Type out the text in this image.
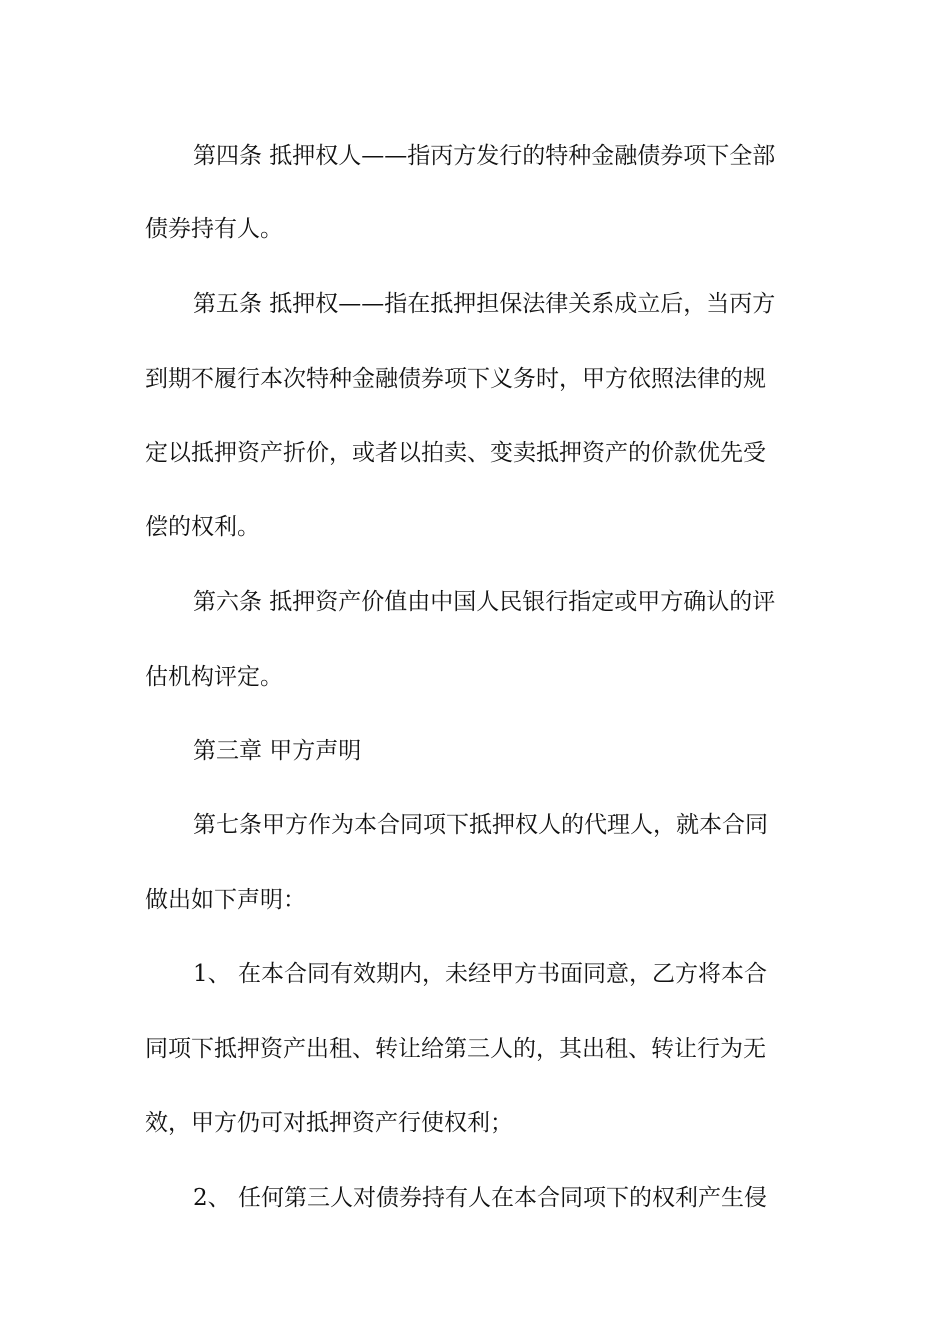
第四条 抵押权人——指丙方发行的特种金融债券项下全部

债券持有人。

第五条 抵押权——指在抵押担保法律关系成立后，当丙方

到期不履行本次特种金融债券项下义务时，甲方依照法律的规

定以抵押资产折价，或者以拍卖、变卖抵押资产的价款优先受

偿的权利。

第六条 抵押资产价值由中国人民银行指定或甲方确认的评

估机构评定。

第三章 甲方声明

第七条甲方作为本合同项下抵押权人的代理人，就本合同

做出如下声明：

1、 在本合同有效期内，未经甲方书面同意，乙方将本合

同项下抵押资产出租、转让给第三人的，其出租、转让行为无

效，甲方仍可对抵押资产行使权利；

2、 任何第三人对债券持有人在本合同项下的权利产生侵
